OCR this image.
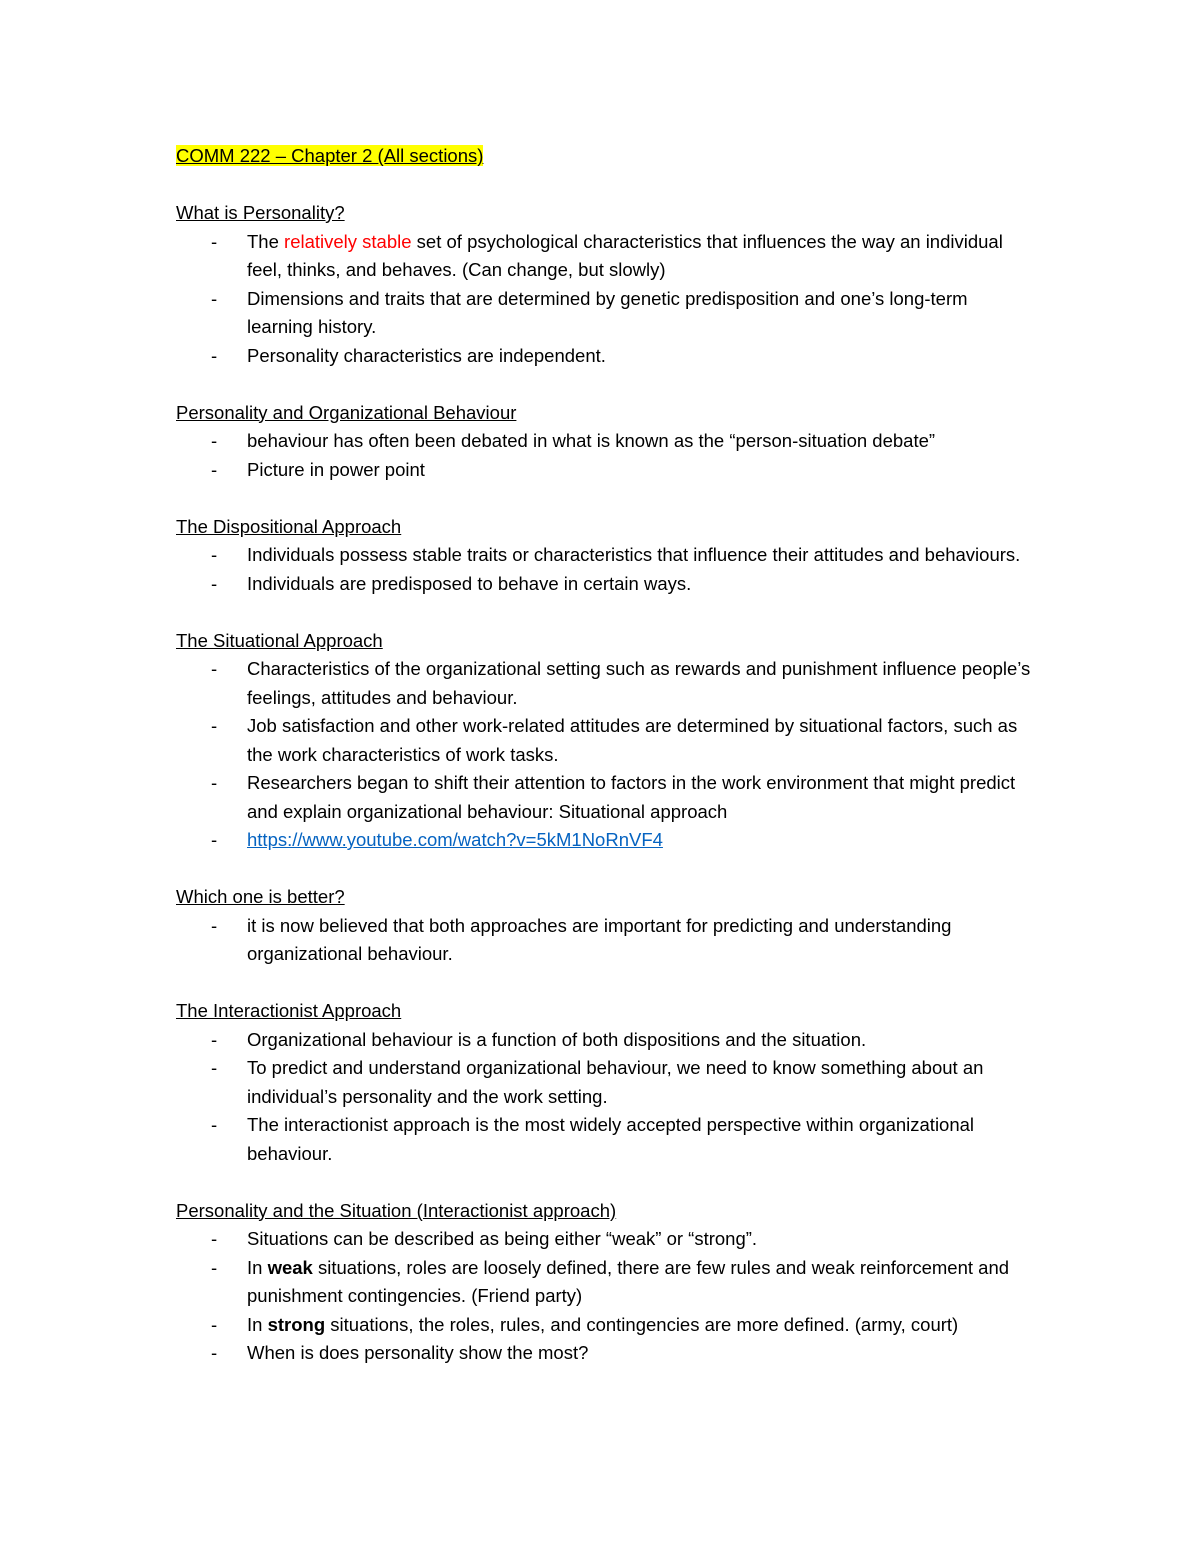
COMM 222 – Chapter 2 (All sections)
What is Personality?
- The relatively stable set of psychological characteristics that influences the way an individual feel, thinks, and behaves. (Can change, but slowly)
- Dimensions and traits that are determined by genetic predisposition and one’s long-term learning history.
- Personality characteristics are independent.
Personality and Organizational Behaviour
- behaviour has often been debated in what is known as the “person-situation debate”
- Picture in power point
The Dispositional Approach
- Individuals possess stable traits or characteristics that influence their attitudes and behaviours.
- Individuals are predisposed to behave in certain ways.
The Situational Approach
- Characteristics of the organizational setting such as rewards and punishment influence people’s feelings, attitudes and behaviour.
- Job satisfaction and other work-related attitudes are determined by situational factors, such as the work characteristics of work tasks.
- Researchers began to shift their attention to factors in the work environment that might predict and explain organizational behaviour: Situational approach
- https://www.youtube.com/watch?v=5kM1NoRnVF4
Which one is better?
- it is now believed that both approaches are important for predicting and understanding organizational behaviour.
The Interactionist Approach
- Organizational behaviour is a function of both dispositions and the situation.
- To predict and understand organizational behaviour, we need to know something about an individual’s personality and the work setting.
- The interactionist approach is the most widely accepted perspective within organizational behaviour.
Personality and the Situation (Interactionist approach)
- Situations can be described as being either “weak” or “strong”.
- In weak situations, roles are loosely defined, there are few rules and weak reinforcement and punishment contingencies. (Friend party)
- In strong situations, the roles, rules, and contingencies are more defined. (army, court)
- When is does personality show the most?
